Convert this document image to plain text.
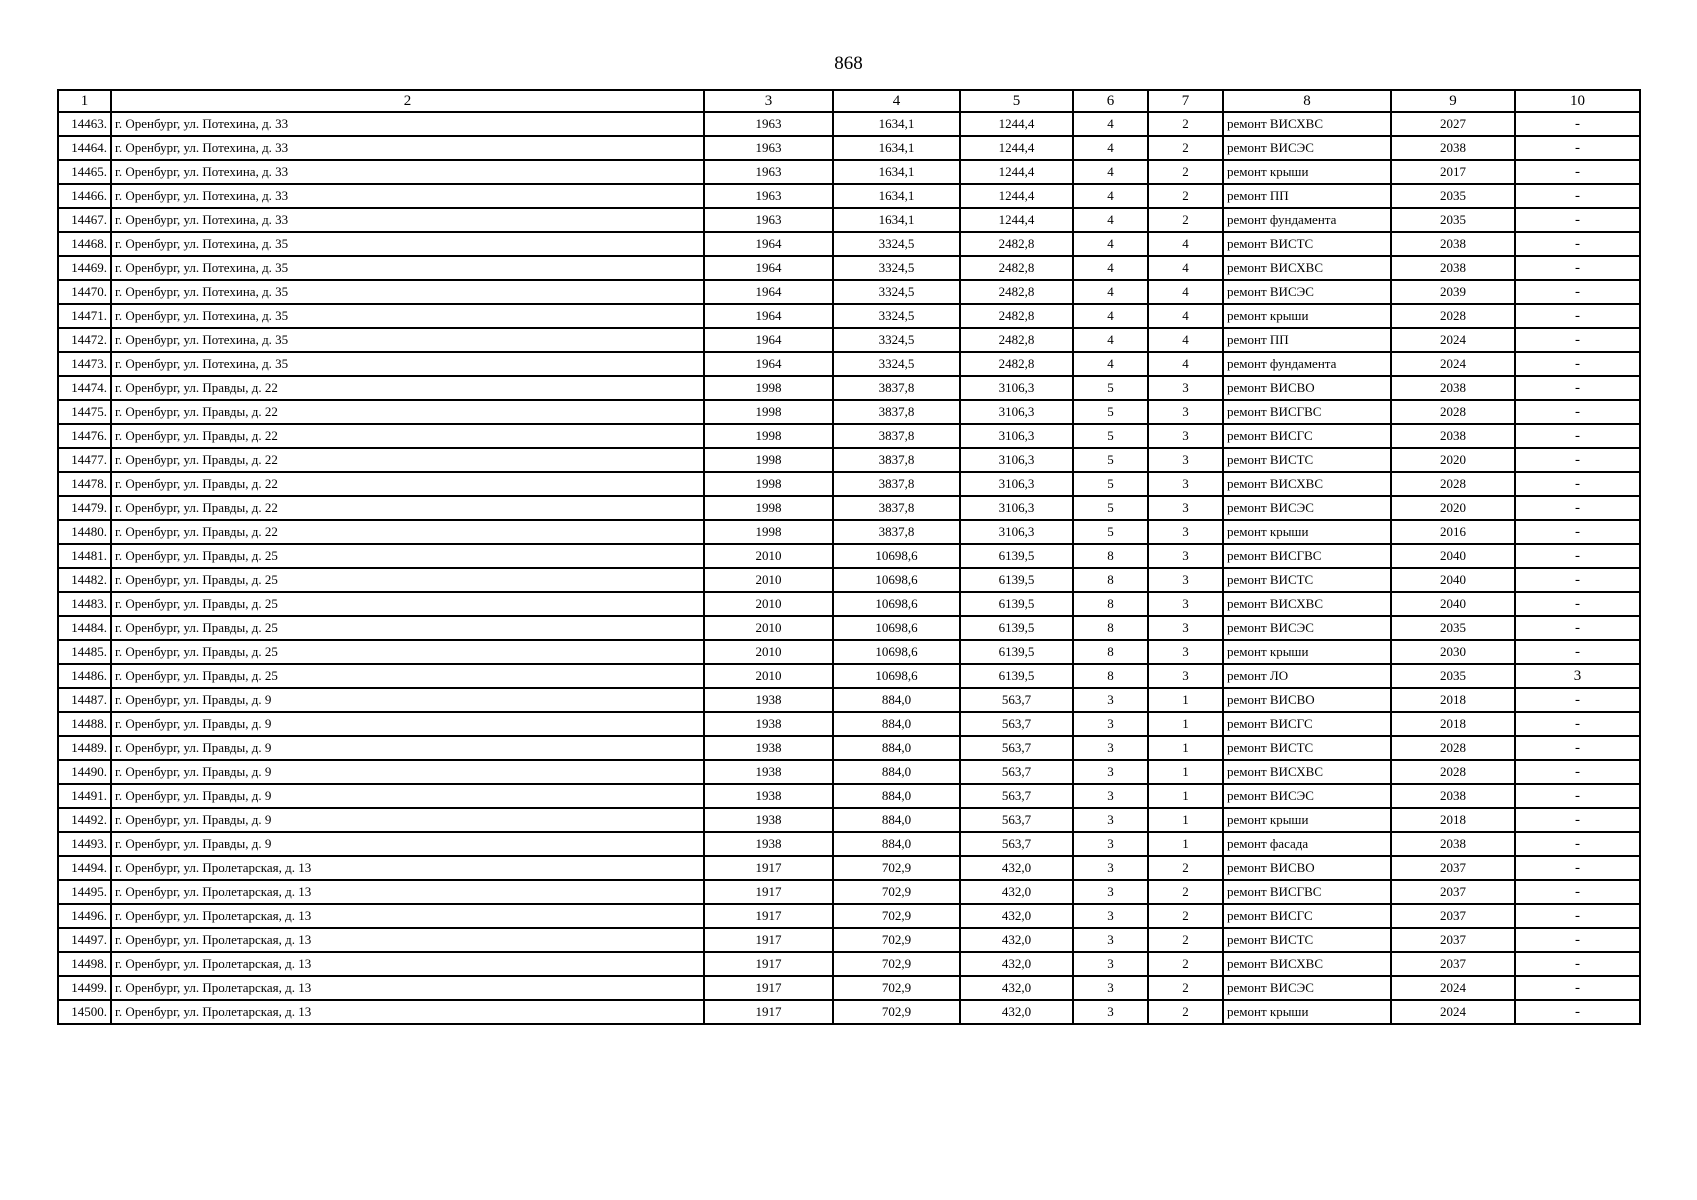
868
1	2	3	4	5	6	7	8	9	10
14463.	г. Оренбург, ул. Потехина, д. 33	1963	1634,1	1244,4	4	2	ремонт ВИСХВС	2027	-
14464.	г. Оренбург, ул. Потехина, д. 33	1963	1634,1	1244,4	4	2	ремонт ВИСЭС	2038	-
14465.	г. Оренбург, ул. Потехина, д. 33	1963	1634,1	1244,4	4	2	ремонт крыши	2017	-
14466.	г. Оренбург, ул. Потехина, д. 33	1963	1634,1	1244,4	4	2	ремонт ПП	2035	-
14467.	г. Оренбург, ул. Потехина, д. 33	1963	1634,1	1244,4	4	2	ремонт фундамента	2035	-
14468.	г. Оренбург, ул. Потехина, д. 35	1964	3324,5	2482,8	4	4	ремонт ВИСТС	2038	-
14469.	г. Оренбург, ул. Потехина, д. 35	1964	3324,5	2482,8	4	4	ремонт ВИСХВС	2038	-
14470.	г. Оренбург, ул. Потехина, д. 35	1964	3324,5	2482,8	4	4	ремонт ВИСЭС	2039	-
14471.	г. Оренбург, ул. Потехина, д. 35	1964	3324,5	2482,8	4	4	ремонт крыши	2028	-
14472.	г. Оренбург, ул. Потехина, д. 35	1964	3324,5	2482,8	4	4	ремонт ПП	2024	-
14473.	г. Оренбург, ул. Потехина, д. 35	1964	3324,5	2482,8	4	4	ремонт фундамента	2024	-
14474.	г. Оренбург, ул. Правды, д. 22	1998	3837,8	3106,3	5	3	ремонт ВИСВО	2038	-
14475.	г. Оренбург, ул. Правды, д. 22	1998	3837,8	3106,3	5	3	ремонт ВИСГВС	2028	-
14476.	г. Оренбург, ул. Правды, д. 22	1998	3837,8	3106,3	5	3	ремонт ВИСГС	2038	-
14477.	г. Оренбург, ул. Правды, д. 22	1998	3837,8	3106,3	5	3	ремонт ВИСТС	2020	-
14478.	г. Оренбург, ул. Правды, д. 22	1998	3837,8	3106,3	5	3	ремонт ВИСХВС	2028	-
14479.	г. Оренбург, ул. Правды, д. 22	1998	3837,8	3106,3	5	3	ремонт ВИСЭС	2020	-
14480.	г. Оренбург, ул. Правды, д. 22	1998	3837,8	3106,3	5	3	ремонт крыши	2016	-
14481.	г. Оренбург, ул. Правды, д. 25	2010	10698,6	6139,5	8	3	ремонт ВИСГВС	2040	-
14482.	г. Оренбург, ул. Правды, д. 25	2010	10698,6	6139,5	8	3	ремонт ВИСТС	2040	-
14483.	г. Оренбург, ул. Правды, д. 25	2010	10698,6	6139,5	8	3	ремонт ВИСХВС	2040	-
14484.	г. Оренбург, ул. Правды, д. 25	2010	10698,6	6139,5	8	3	ремонт ВИСЭС	2035	-
14485.	г. Оренбург, ул. Правды, д. 25	2010	10698,6	6139,5	8	3	ремонт крыши	2030	-
14486.	г. Оренбург, ул. Правды, д. 25	2010	10698,6	6139,5	8	3	ремонт ЛО	2035	3
14487.	г. Оренбург, ул. Правды, д. 9	1938	884,0	563,7	3	1	ремонт ВИСВО	2018	-
14488.	г. Оренбург, ул. Правды, д. 9	1938	884,0	563,7	3	1	ремонт ВИСГС	2018	-
14489.	г. Оренбург, ул. Правды, д. 9	1938	884,0	563,7	3	1	ремонт ВИСТС	2028	-
14490.	г. Оренбург, ул. Правды, д. 9	1938	884,0	563,7	3	1	ремонт ВИСХВС	2028	-
14491.	г. Оренбург, ул. Правды, д. 9	1938	884,0	563,7	3	1	ремонт ВИСЭС	2038	-
14492.	г. Оренбург, ул. Правды, д. 9	1938	884,0	563,7	3	1	ремонт крыши	2018	-
14493.	г. Оренбург, ул. Правды, д. 9	1938	884,0	563,7	3	1	ремонт фасада	2038	-
14494.	г. Оренбург, ул. Пролетарская, д. 13	1917	702,9	432,0	3	2	ремонт ВИСВО	2037	-
14495.	г. Оренбург, ул. Пролетарская, д. 13	1917	702,9	432,0	3	2	ремонт ВИСГВС	2037	-
14496.	г. Оренбург, ул. Пролетарская, д. 13	1917	702,9	432,0	3	2	ремонт ВИСГС	2037	-
14497.	г. Оренбург, ул. Пролетарская, д. 13	1917	702,9	432,0	3	2	ремонт ВИСТС	2037	-
14498.	г. Оренбург, ул. Пролетарская, д. 13	1917	702,9	432,0	3	2	ремонт ВИСХВС	2037	-
14499.	г. Оренбург, ул. Пролетарская, д. 13	1917	702,9	432,0	3	2	ремонт ВИСЭС	2024	-
14500.	г. Оренбург, ул. Пролетарская, д. 13	1917	702,9	432,0	3	2	ремонт крыши	2024	-
